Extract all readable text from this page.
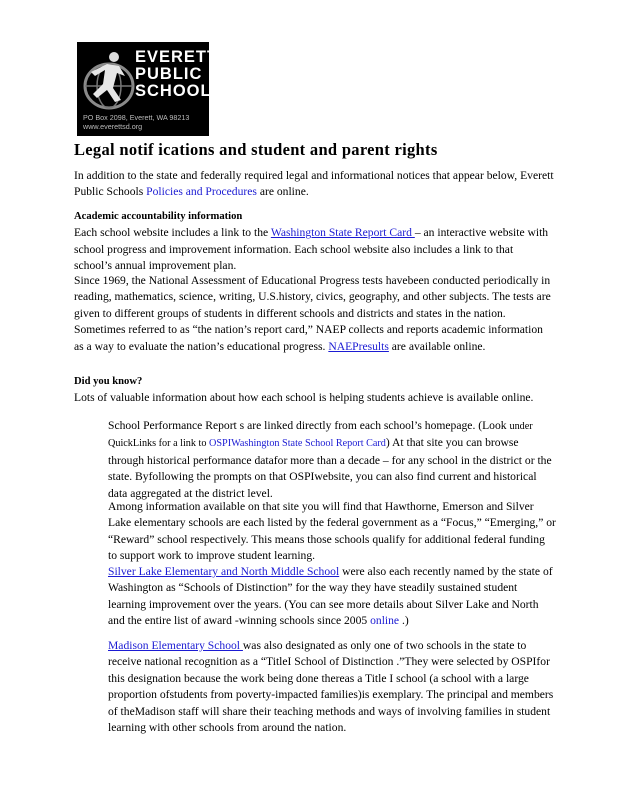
EVERETT
PUBLIC
SCHOOLS
PO Box 2098, Everett, WA 98213
www.everettsd.org
Legal notif ications and student and parent rights

In addition to the state and federally required legal and informational notices that appear below, Everett Public Schools Policies and Procedures are online.

Academic accountability information

Each school website includes a link to the Washington State Report Card – an interactive website with school progress and improvement information. Each school website also includes a link to that school’s annual improvement plan.

Since 1969, the National Assessment of Educational Progress tests havebeen conducted periodically in reading, mathematics, science, writing, U.S.history, civics, geography, and other subjects. The tests are given to different groups of students in different schools and districts and states in the nation. Sometimes referred to as “the nation’s report card,” NAEP collects and reports academic information as a way to evaluate the nation’s educational progress. NAEPresults are available online.

Did you know?

Lots of valuable information about how each school is helping students achieve is available online.

School Performance Report s are linked directly from each school’s homepage. (Look under QuickLinks for a link to OSPIWashington State School Report Card) At that site you can browse through historical performance datafor more than a decade – for any school in the district or the state. Byfollowing the prompts on that OSPIwebsite, you can also find current and historical data aggregated at the district level.

Among information available on that site you will find that Hawthorne, Emerson and Silver Lake elementary schools are each listed by the federal government as a “Focus,” “Emerging,” or “Reward” school respectively. This means those schools qualify for additional federal funding to support work to improve student learning.

Silver Lake Elementary and North Middle School were also each recently named by the state of Washington as “Schools of Distinction” for the way they have steadily sustained student learning improvement over the years. (You can see more details about Silver Lake and North and the entire list of award -winning schools since 2005 online .)

Madison Elementary School was also designated as only one of two schools in the state to receive national recognition as a “TitleI School of Distinction .”They were selected by OSPIfor this designation because the work being done thereas a Title I school (a school with a large proportion ofstudents from poverty-impacted families)is exemplary. The principal and members of theMadison staff will share their teaching methods and ways of involving families in student learning with other schools from around the nation.
